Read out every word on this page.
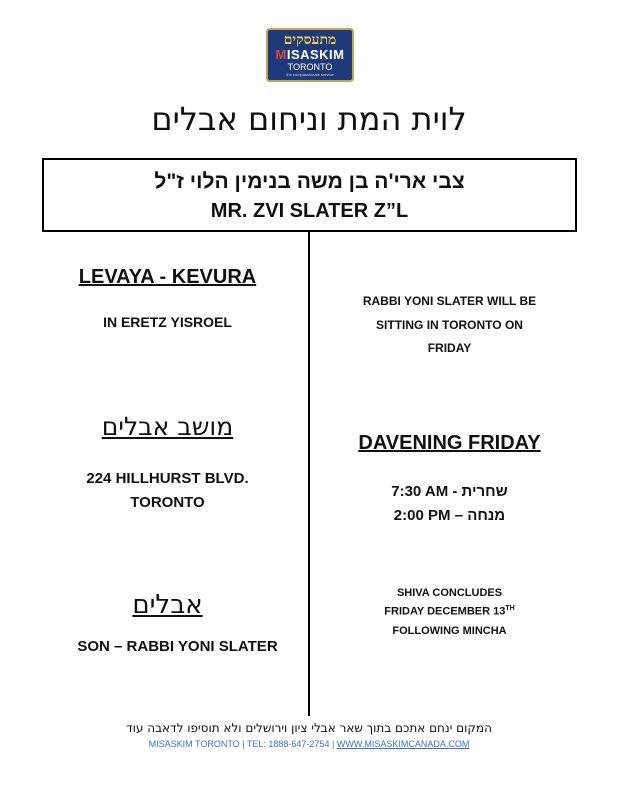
מתעסקים
MISASKIM
TORONTO
the compassionate service
לוית המת וניחום אבלים
צבי ארי'ה בן משה בנימין הלוי ז"ל
MR. ZVI SLATER Z”L
LEVAYA - KEVURA
IN ERETZ YISROEL
מושב אבלים
224 HILLHURST BLVD.
TORONTO
אבלים
SON – RABBI YONI SLATER
RABBI YONI SLATER WILL BE
SITTING IN TORONTO ON
FRIDAY
DAVENING FRIDAY
7:30 AM - שחרית
2:00 PM – מנחה
SHIVA CONCLUDES
FRIDAY DECEMBER 13TH
FOLLOWING MINCHA
המקום ינחם אתכם בתוך שאר אבלי ציון וירושלים ולא תוסיפו לדאבה עוד
MISASKIM TORONTO | TEL: 1888-647-2754 | WWW.MISASKIMCANADA.COM
